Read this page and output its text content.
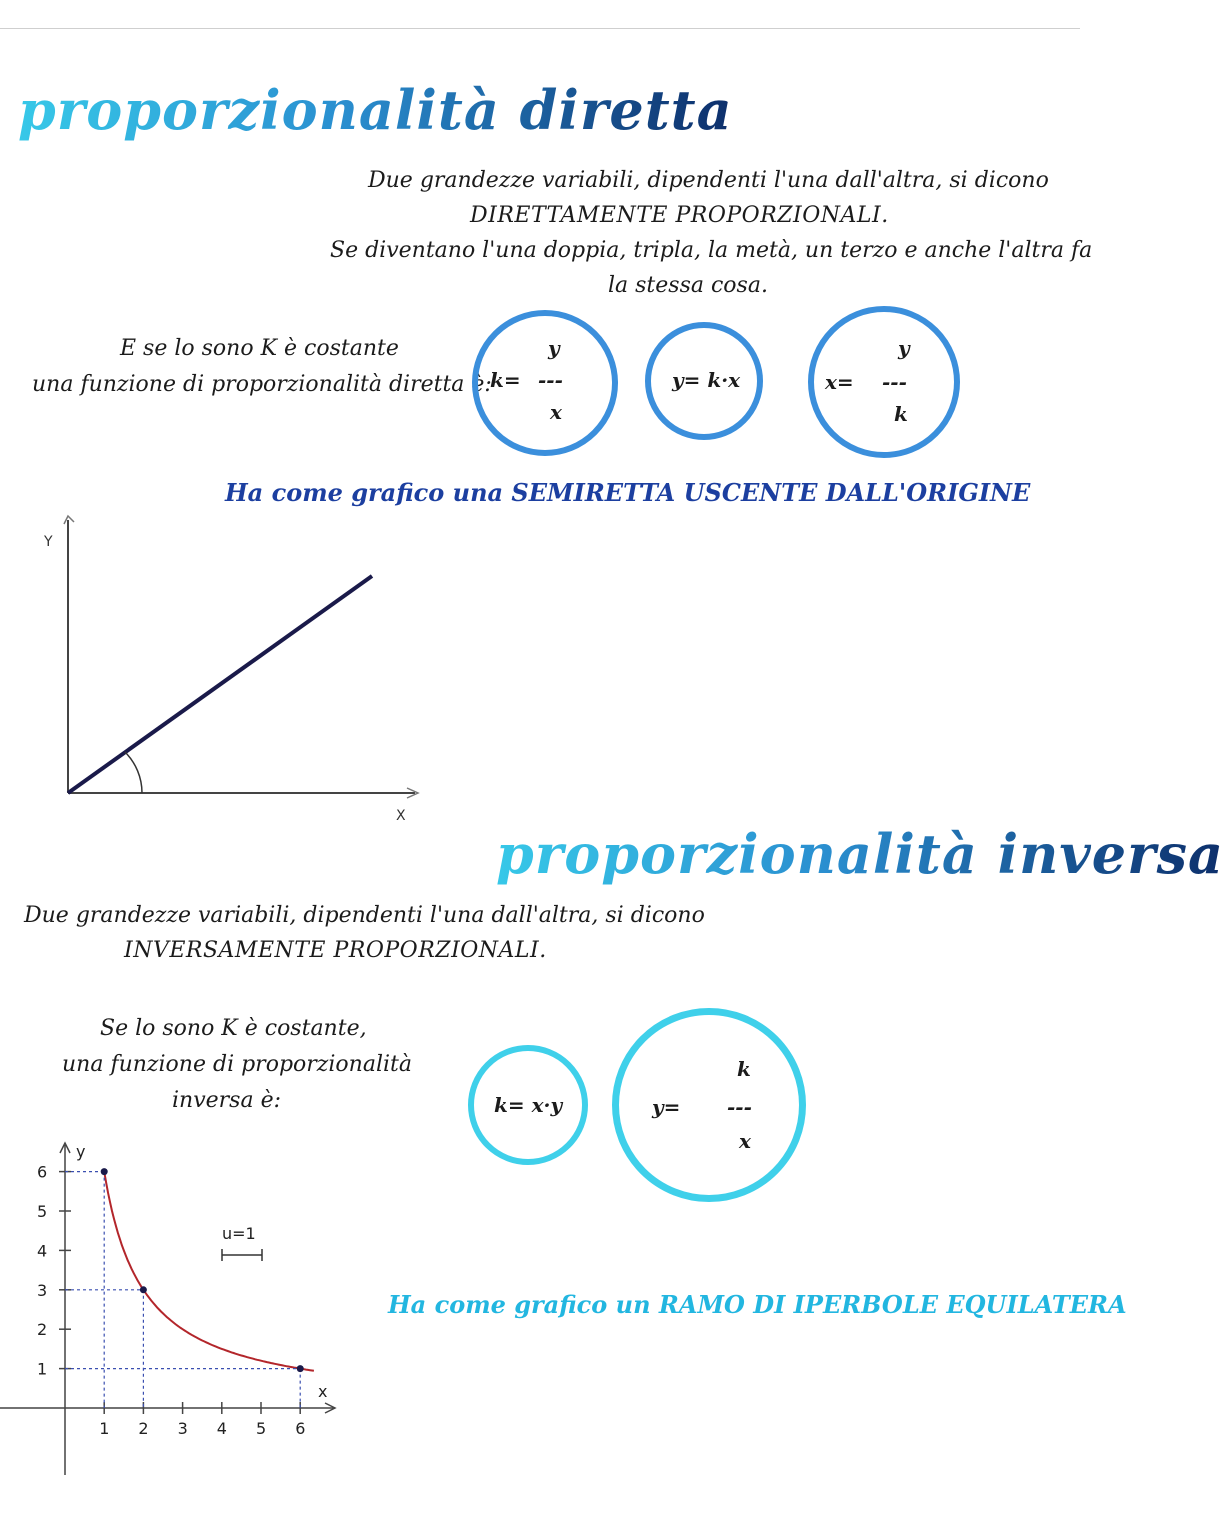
proporzionalità diretta
Due grandezze variabili, dipendenti l'una dall'altra, si dicono
DIRETTAMENTE PROPORZIONALI.
Se diventano l'una doppia, tripla, la metà, un terzo e anche l'altra fa
la stessa cosa.
E se lo sono K è costante
una funzione di proporzionalità diretta è:
k=
y
---
x
y= k·x	x=
y
---
k
Ha come grafico una SEMIRETTA USCENTE DALL'ORIGINE
Y
X
proporzionalità inversa
Due grandezze variabili, dipendenti l'una dall'altra, si dicono
INVERSAMENTE PROPORZIONALI.
Se lo sono K è costante,
una funzione di proporzionalità
inversa è:	k= x·y	y=
k
---
x
Ha come grafico un RAMO DI IPERBOLE EQUILATERA
y
x
u=1
1 2 3 4 5 6
6
5
4
3
2
1
